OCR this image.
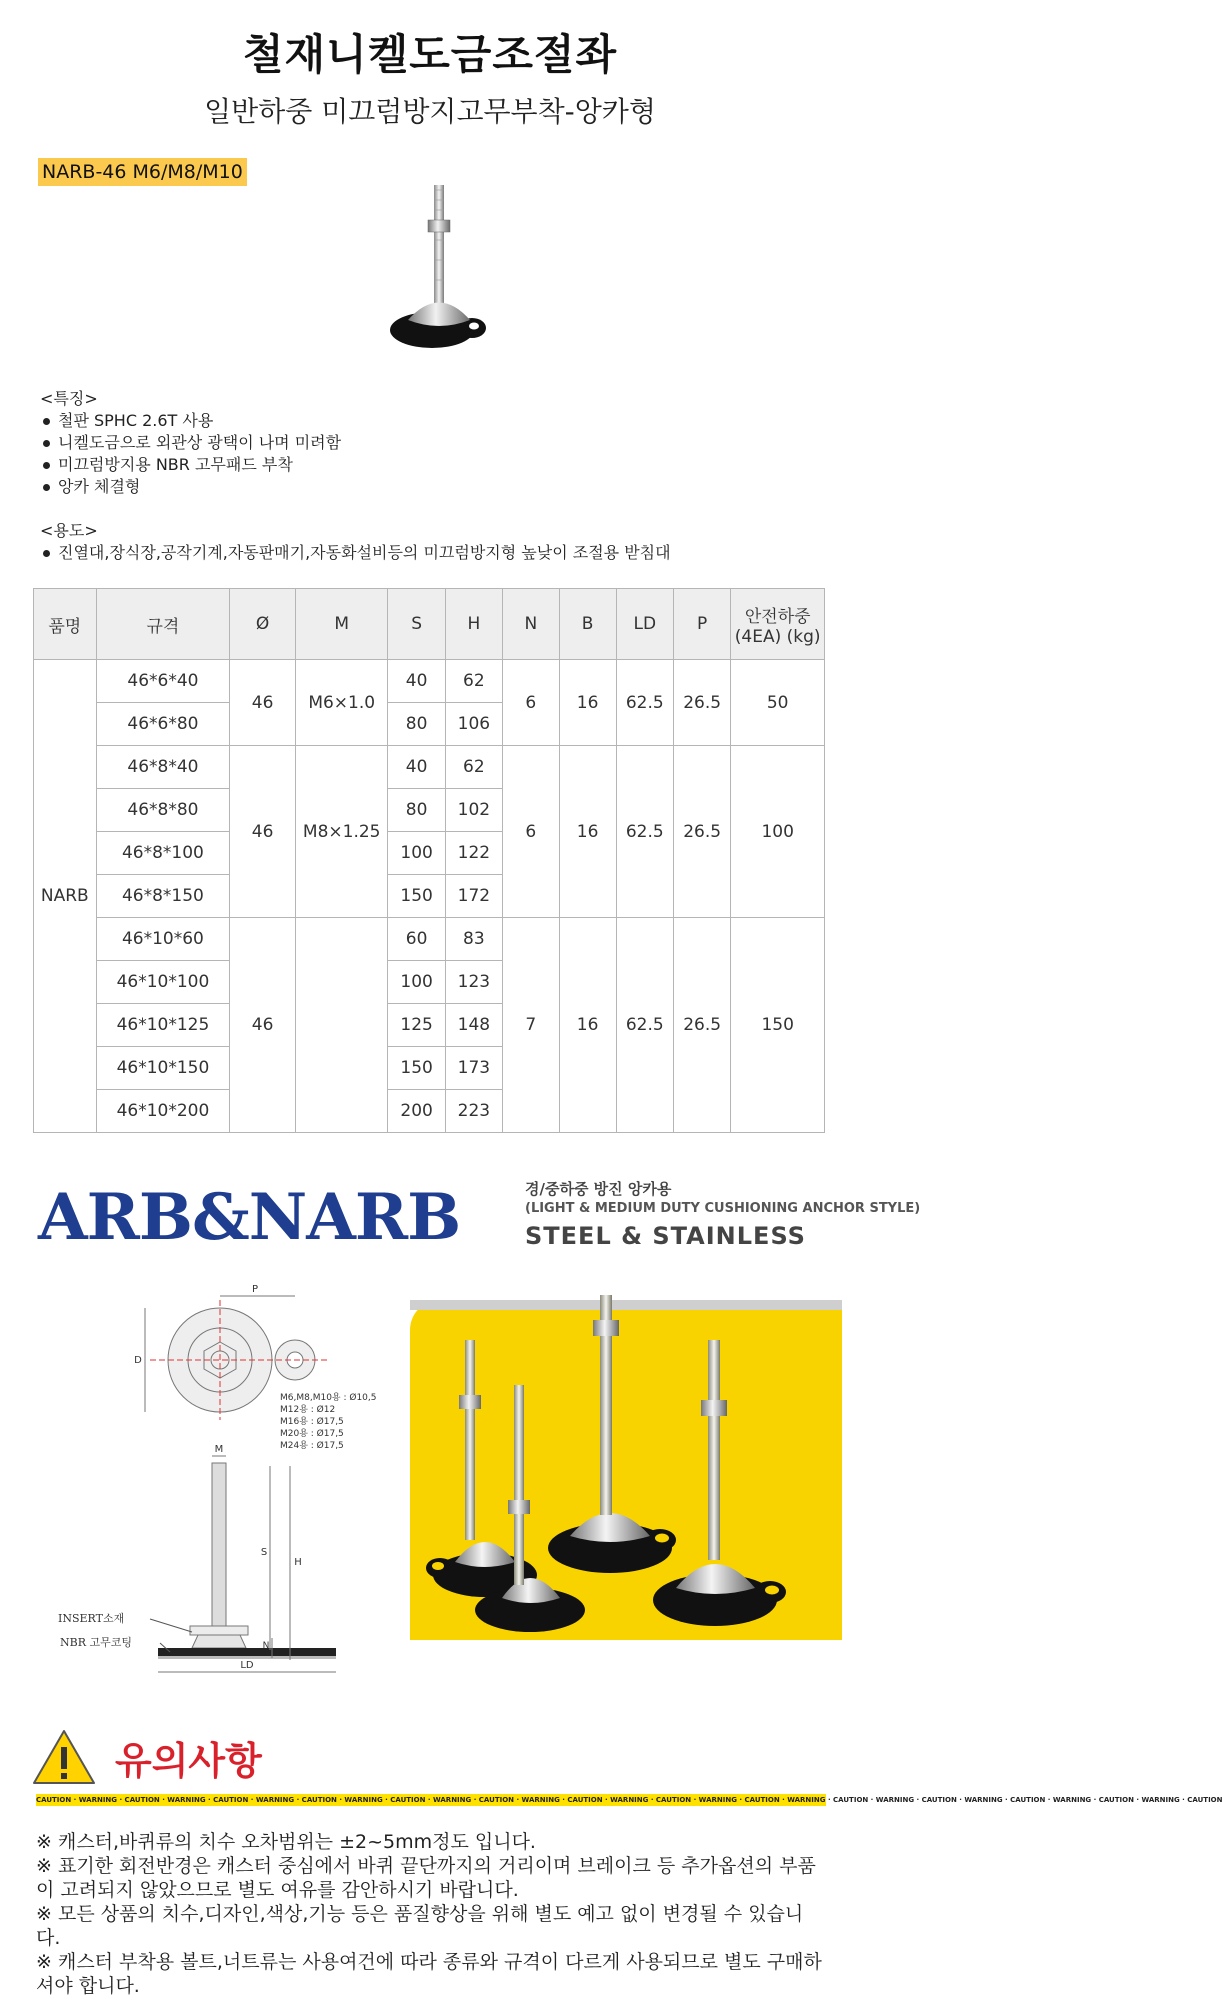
철재니켈도금조절좌
일반하중 미끄럼방지고무부착-앙카형
NARB-46 M6/M8/M10
<특징>
철판 SPHC 2.6T 사용
니켈도금으로 외관상 광택이 나며 미려함
미끄럼방지용 NBR 고무패드 부착
앙카 체결형
<용도>
진열대,장식장,공작기계,자동판매기,자동화설비등의 미끄럼방지형 높낮이 조절용 받침대
품명	규격	Ø	M	S	H	N	B	LD	P	안전하중 (4EA) (kg)
NARB	46*6*40	46	M6×1.0	40	62	6	16	62.5	26.5	50
	46*6*80			80	106					
	46*8*40	46	M8×1.25	40	62	6	16	62.5	26.5	100
	46*8*80			80	102					
	46*8*100			100	122					
	46*8*150			150	172					
	46*10*60	46		60	83	7	16	62.5	26.5	150
	46*10*100			100	123					
	46*10*125			125	148					
	46*10*150			150	173					
	46*10*200			200	223					
ARB&NARB	경/중하중 방진 앙카용
(LIGHT & MEDIUM DUTY CUSHIONING ANCHOR STYLE)
STEEL & STAINLESS
P
D
M6,M8,M10용 : Ø10,5
M12용 : Ø12
M16용 : Ø17,5
M20용 : Ø17,5
M24용 : Ø17,5
M
S
H
N
LD
INSERT소재
NBR 고무코팅
유의사항
CAUTION · WARNING · CAUTION · WARNING · CAUTION · WARNING · CAUTION · WARNING · CAUTION · WARNING · CAUTION · WARNING · CAUTION · WARNING · CAUTION · WARNING · CAUTION · WARNING · CAUTION · WARNING · CAUTION · WARNING · CAUTION · WARNING · CAUTION · WARNING · CAUTION

※ 캐스터,바퀴류의 치수 오차범위는 ±2~5mm정도 입니다.

※ 표기한 회전반경은 캐스터 중심에서 바퀴 끝단까지의 거리이며 브레이크 등 추가옵션의 부품이 고려되지 않았으므로 별도 여유를 감안하시기 바랍니다.

※ 모든 상품의 치수,디자인,색상,기능 등은 품질향상을 위해 별도 예고 없이 변경될 수 있습니다.

※ 캐스터 부착용 볼트,너트류는 사용여건에 따라 종류와 규격이 다르게 사용되므로 별도 구매하셔야 합니다.
